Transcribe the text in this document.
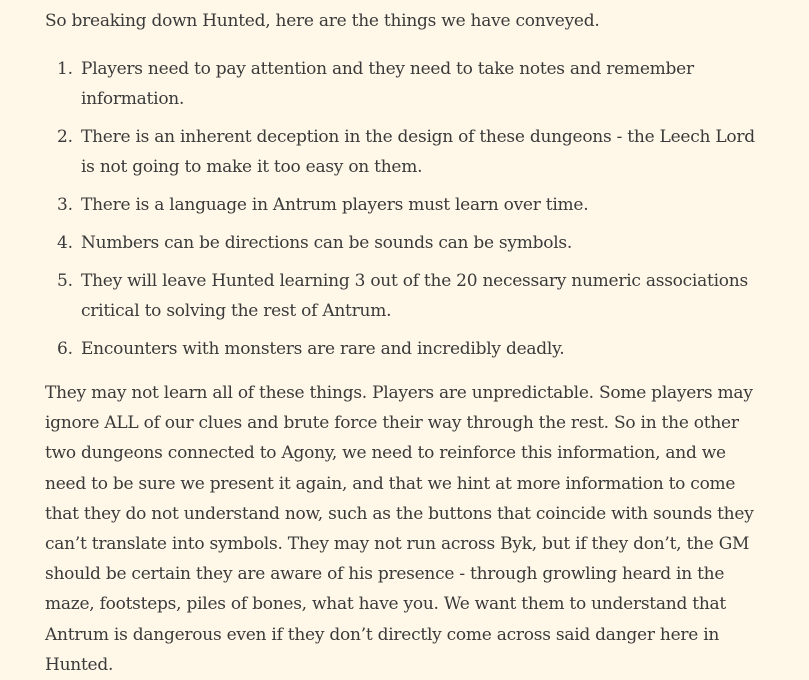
So breaking down Hunted, here are the things we have conveyed.

1. Players need to pay attention and they need to take notes and remember information.
2. There is an inherent deception in the design of these dungeons - the Leech Lord is not going to make it too easy on them.
3. There is a language in Antrum players must learn over time.
4. Numbers can be directions can be sounds can be symbols.
5. They will leave Hunted learning 3 out of the 20 necessary numeric associations critical to solving the rest of Antrum.
6. Encounters with monsters are rare and incredibly deadly.

They may not learn all of these things. Players are unpredictable. Some players may ignore ALL of our clues and brute force their way through the rest. So in the other two dungeons connected to Agony, we need to reinforce this information, and we need to be sure we present it again, and that we hint at more information to come that they do not understand now, such as the buttons that coincide with sounds they can’t translate into symbols. They may not run across Byk, but if they don’t, the GM should be certain they are aware of his presence - through growling heard in the maze, footsteps, piles of bones, what have you. We want them to understand that Antrum is dangerous even if they don’t directly come across said danger here in Hunted.
